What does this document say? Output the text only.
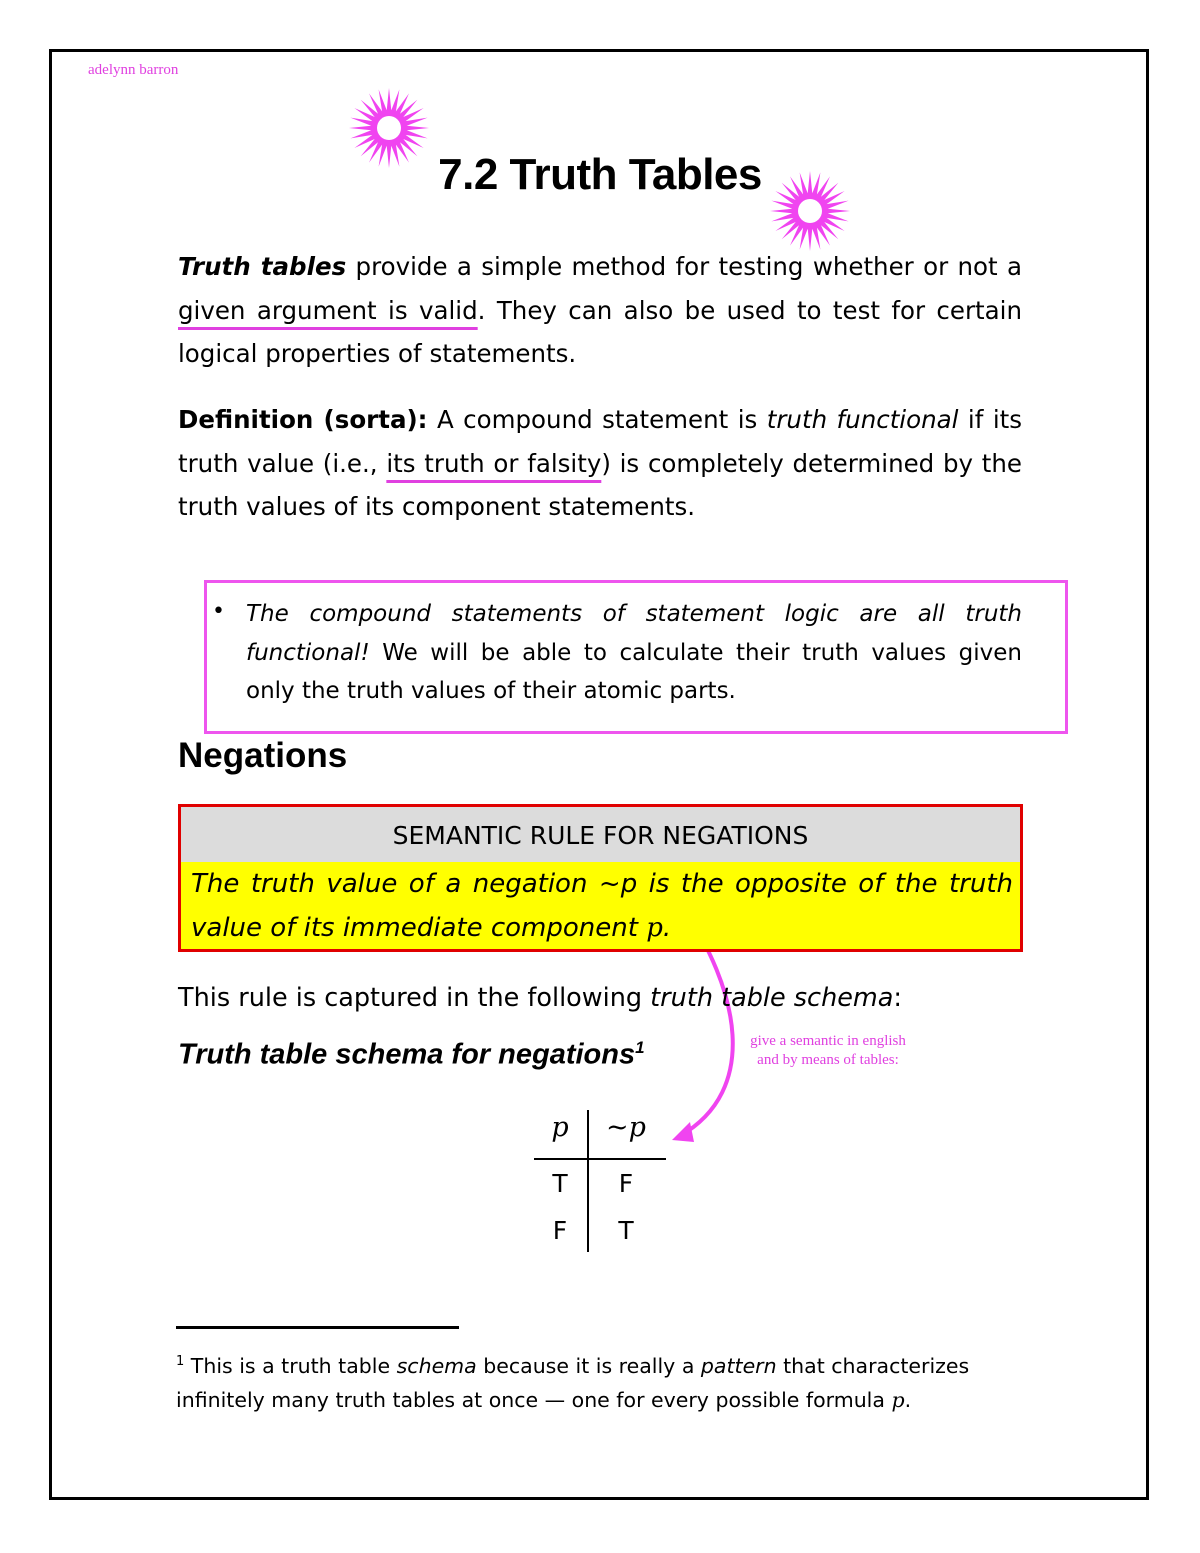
adelynn barron
7.2 Truth Tables
Truth tables provide a simple method for testing whether or not a given argument is valid. They can also be used to test for certain logical properties of statements.
Definition (sorta): A compound statement is truth functional if its truth value (i.e., its truth or falsity) is completely determined by the truth values of its component statements.
• The compound statements of statement logic are all truth functional! We will be able to calculate their truth values given only the truth values of their atomic parts.
Negations
SEMANTIC RULE FOR NEGATIONS
The truth value of a negation ~p is the opposite of the truth value of its immediate component p.
This rule is captured in the following truth table schema:
Truth table schema for negations$^1$	give a semantic in english and by means of tables:
p	~p
T	F
F	T
$^1$ This is a truth table schema because it is really a pattern that characterizes infinitely many truth tables at once — one for every possible formula p.
